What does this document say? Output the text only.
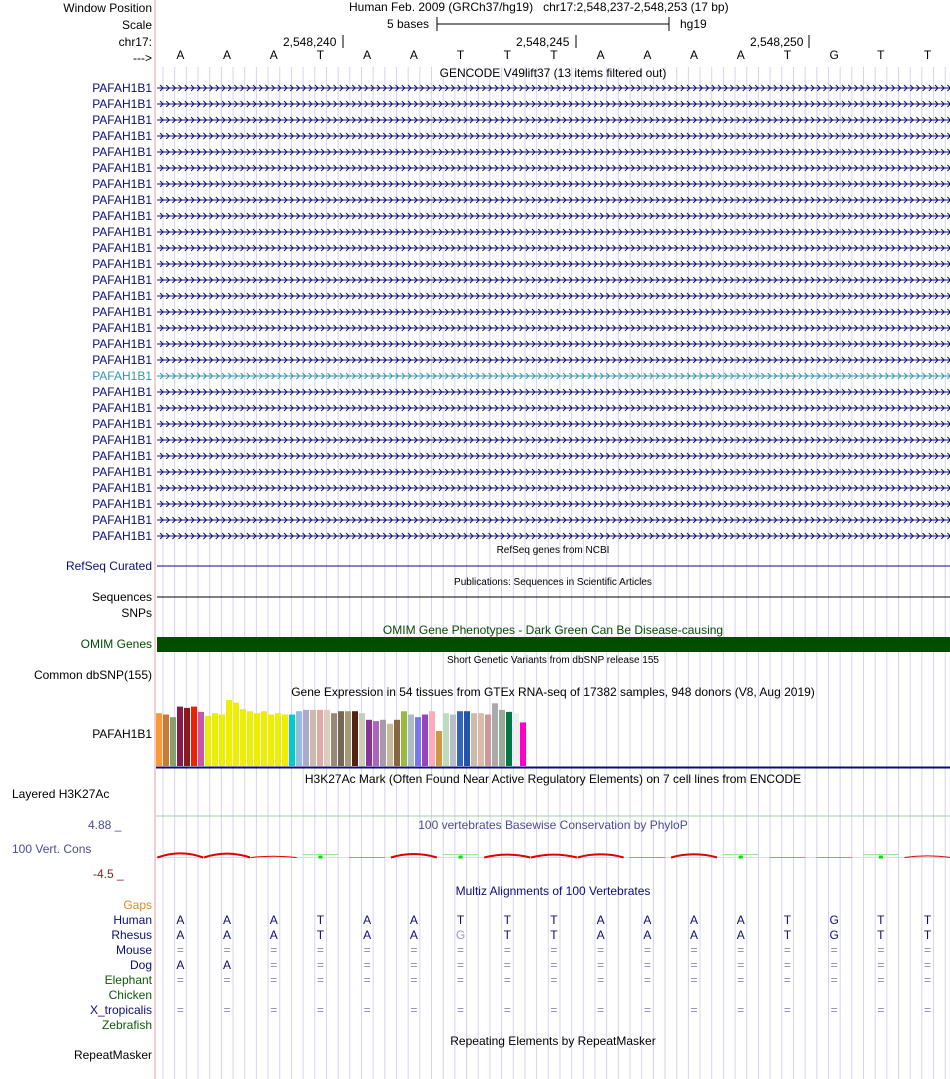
Window Position
Scale
chr17:
--->
Human Feb. 2009 (GRCh37/hg19) chr17:2,548,237-2,548,253 (17 bp)
5 bases	hg19
2,548,240	2,548,245	2,548,250
A	A	A	T	A	A	T	T	T	A	A	A	A	T	G	T	T
GENCODE V49lift37 (13 items filtered out)
PAFAH1B1
PAFAH1B1
PAFAH1B1
PAFAH1B1
PAFAH1B1
PAFAH1B1
PAFAH1B1
PAFAH1B1
PAFAH1B1
PAFAH1B1
PAFAH1B1
PAFAH1B1
PAFAH1B1
PAFAH1B1
PAFAH1B1
PAFAH1B1
PAFAH1B1
PAFAH1B1
PAFAH1B1
PAFAH1B1
PAFAH1B1
PAFAH1B1
PAFAH1B1
PAFAH1B1
PAFAH1B1
PAFAH1B1
PAFAH1B1
PAFAH1B1
PAFAH1B1
RefSeq genes from NCBI
RefSeq Curated
Publications: Sequences in Scientific Articles
Sequences
SNPs
OMIM Gene Phenotypes - Dark Green Can Be Disease-causing
OMIM Genes
Short Genetic Variants from dbSNP release 155
Common dbSNP(155)
Gene Expression in 54 tissues from GTEx RNA-seq of 17382 samples, 948 donors (V8, Aug 2019)
PAFAH1B1
H3K27Ac Mark (Often Found Near Active Regulatory Elements) on 7 cell lines from ENCODE
Layered H3K27Ac
100 vertebrates Basewise Conservation by PhyloP
4.88 _
100 Vert. Cons
-4.5 _
Multiz Alignments of 100 Vertebrates
Gaps
Human	A	A	A	T	A	A	T	T	T	A	A	A	A	T	G	T	T
Rhesus	A	A	A	T	A	A	G	T	T	A	A	A	A	T	G	T	T
Mouse	=	=	=	=	=	=	=	=	=	=	=	=	=	=	=	=	=
Dog	A	A	=	=	=	=	=	=	=	=	=	=	=	=	=	=	=
Elephant	=	=	=	=	=	=	=	=	=	=	=	=	=	=	=	=	=
Chicken
X_tropicalis	=	=	=	=	=	=	=	=	=	=	=	=	=	=	=	=	=
Zebrafish
Repeating Elements by RepeatMasker
RepeatMasker
